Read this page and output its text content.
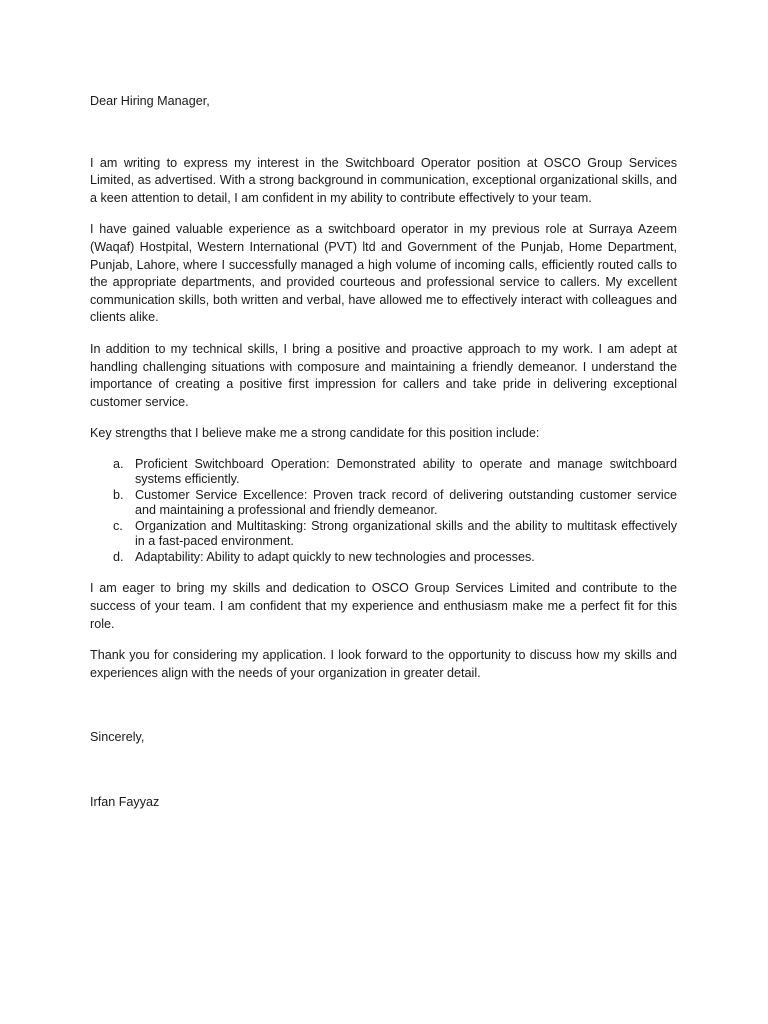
Dear Hiring Manager,

I am writing to express my interest in the Switchboard Operator position at OSCO Group Services Limited, as advertised. With a strong background in communication, exceptional organizational skills, and a keen attention to detail, I am confident in my ability to contribute effectively to your team.

I have gained valuable experience as a switchboard operator in my previous role at Surraya Azeem (Waqaf) Hostpital, Western International (PVT) ltd and Government of the Punjab, Home Department, Punjab, Lahore, where I successfully managed a high volume of incoming calls, efficiently routed calls to the appropriate departments, and provided courteous and professional service to callers. My excellent communication skills, both written and verbal, have allowed me to effectively interact with colleagues and clients alike.

In addition to my technical skills, I bring a positive and proactive approach to my work. I am adept at handling challenging situations with composure and maintaining a friendly demeanor. I understand the importance of creating a positive first impression for callers and take pride in delivering exceptional customer service.

Key strengths that I believe make me a strong candidate for this position include:

a. Proficient Switchboard Operation: Demonstrated ability to operate and manage switchboard systems efficiently.
b. Customer Service Excellence: Proven track record of delivering outstanding customer service and maintaining a professional and friendly demeanor.
c. Organization and Multitasking: Strong organizational skills and the ability to multitask effectively in a fast-paced environment.
d. Adaptability: Ability to adapt quickly to new technologies and processes.

I am eager to bring my skills and dedication to OSCO Group Services Limited and contribute to the success of your team. I am confident that my experience and enthusiasm make me a perfect fit for this role.

Thank you for considering my application. I look forward to the opportunity to discuss how my skills and experiences align with the needs of your organization in greater detail.

Sincerely,

Irfan Fayyaz
